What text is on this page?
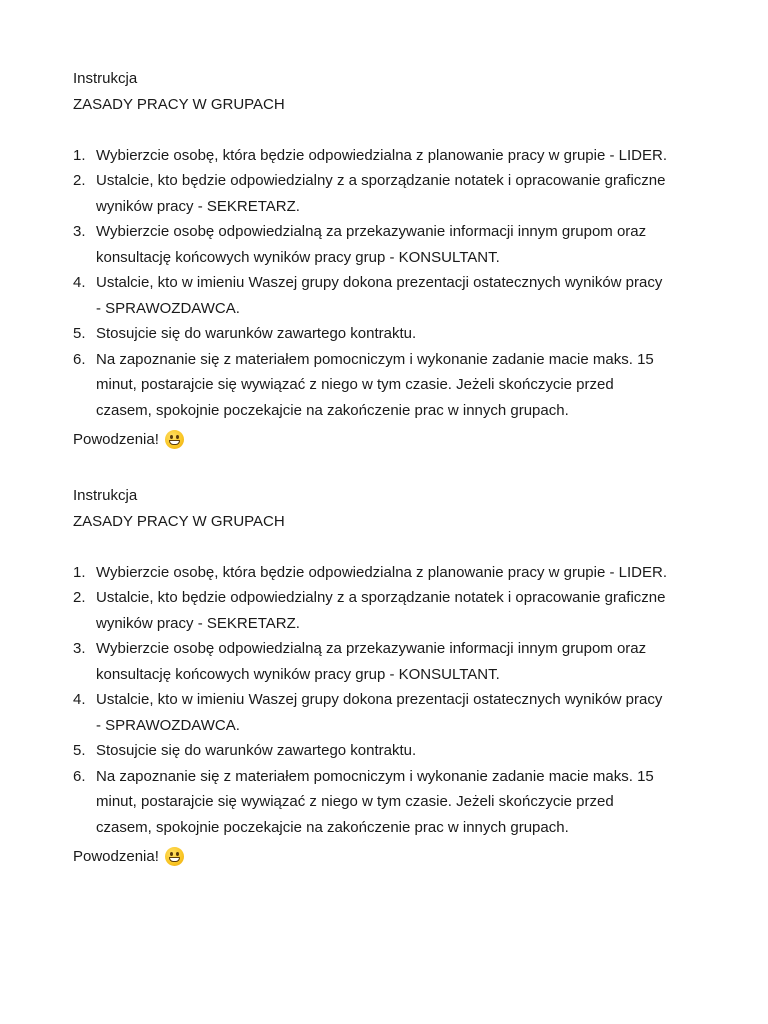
Instrukcja

ZASADY PRACY W GRUPACH

1. Wybierzcie osobę, która będzie odpowiedzialna z planowanie pracy w grupie - LIDER.
2. Ustalcie, kto będzie odpowiedzialny z a sporządzanie notatek i opracowanie graficzne
wyników pracy - SEKRETARZ.
3. Wybierzcie osobę odpowiedzialną za przekazywanie informacji innym grupom oraz
konsultację końcowych wyników pracy grup - KONSULTANT.
4. Ustalcie, kto w imieniu Waszej grupy dokona prezentacji ostatecznych wyników pracy
- SPRAWOZDAWCA.
5. Stosujcie się do warunków zawartego kontraktu.
6. Na zapoznanie się z materiałem pomocniczym i wykonanie zadanie macie maks. 15
minut, postarajcie się wywiązać z niego w tym czasie. Jeżeli skończycie przed
czasem, spokojnie poczekajcie na zakończenie prac w innych grupach.
Powodzenia!

Instrukcja

ZASADY PRACY W GRUPACH

1. Wybierzcie osobę, która będzie odpowiedzialna z planowanie pracy w grupie - LIDER.
2. Ustalcie, kto będzie odpowiedzialny z a sporządzanie notatek i opracowanie graficzne
wyników pracy - SEKRETARZ.
3. Wybierzcie osobę odpowiedzialną za przekazywanie informacji innym grupom oraz
konsultację końcowych wyników pracy grup - KONSULTANT.
4. Ustalcie, kto w imieniu Waszej grupy dokona prezentacji ostatecznych wyników pracy
- SPRAWOZDAWCA.
5. Stosujcie się do warunków zawartego kontraktu.
6. Na zapoznanie się z materiałem pomocniczym i wykonanie zadanie macie maks. 15
minut, postarajcie się wywiązać z niego w tym czasie. Jeżeli skończycie przed
czasem, spokojnie poczekajcie na zakończenie prac w innych grupach.
Powodzenia!
